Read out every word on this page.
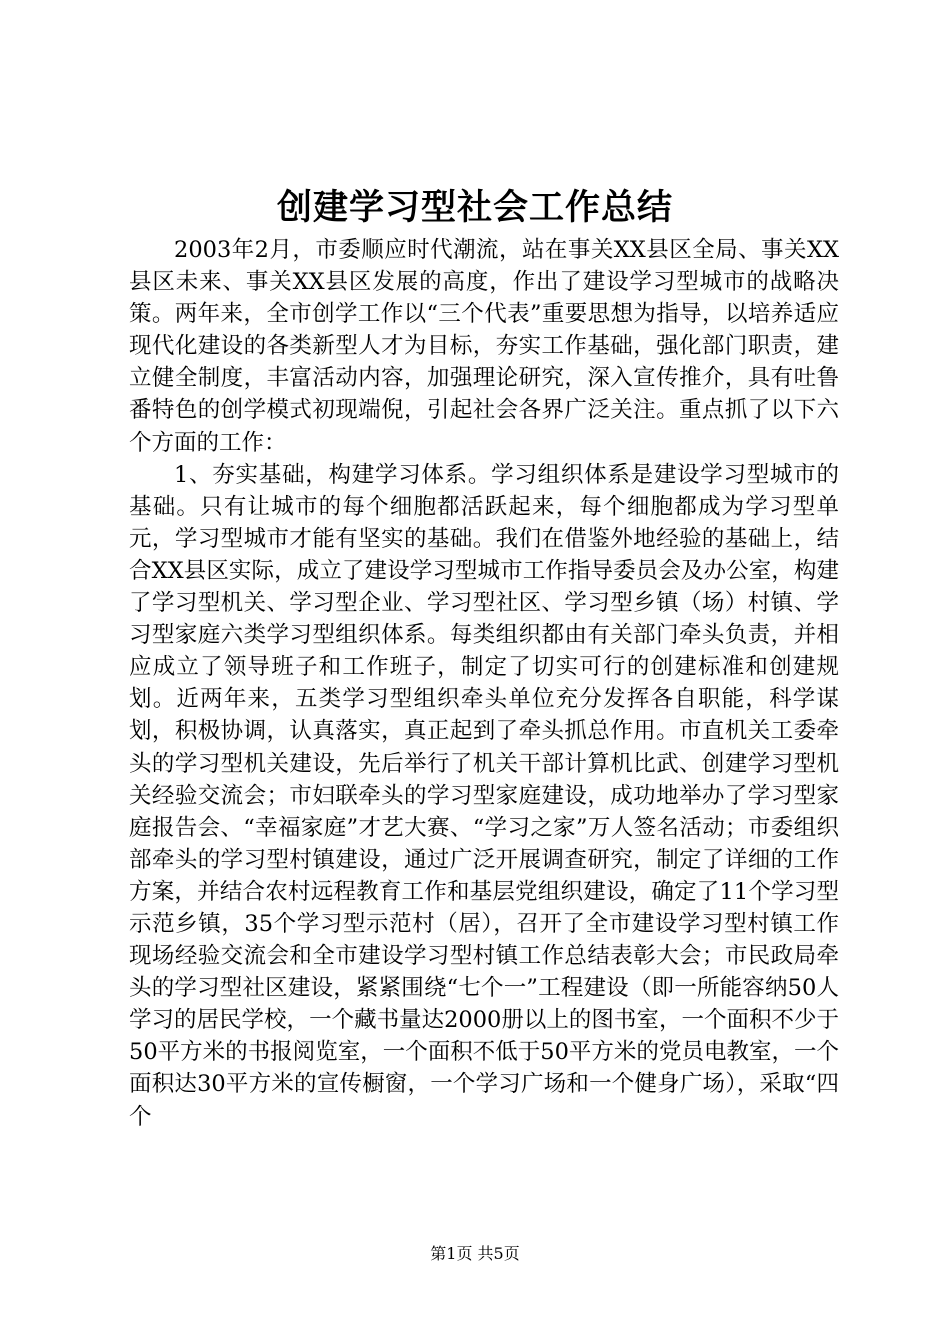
创建学习型社会工作总结

2003年2月，市委顺应时代潮流，站在事关XX县区全局、事关XX县区未来、事关XX县区发展的高度，作出了建设学习型城市的战略决策。两年来，全市创学工作以“三个代表”重要思想为指导，以培养适应现代化建设的各类新型人才为目标，夯实工作基础，强化部门职责，建立健全制度，丰富活动内容，加强理论研究，深入宣传推介，具有吐鲁番特色的创学模式初现端倪，引起社会各界广泛关注。重点抓了以下六个方面的工作：

1、夯实基础，构建学习体系。学习组织体系是建设学习型城市的基础。只有让城市的每个细胞都活跃起来，每个细胞都成为学习型单元，学习型城市才能有坚实的基础。我们在借鉴外地经验的基础上，结合XX县区实际，成立了建设学习型城市工作指导委员会及办公室，构建了学习型机关、学习型企业、学习型社区、学习型乡镇（场）村镇、学习型家庭六类学习型组织体系。每类组织都由有关部门牵头负责，并相应成立了领导班子和工作班子，制定了切实可行的创建标准和创建规划。近两年来，五类学习型组织牵头单位充分发挥各自职能，科学谋划，积极协调，认真落实，真正起到了牵头抓总作用。市直机关工委牵头的学习型机关建设，先后举行了机关干部计算机比武、创建学习型机关经验交流会；市妇联牵头的学习型家庭建设，成功地举办了学习型家庭报告会、“幸福家庭”才艺大赛、“学习之家”万人签名活动；市委组织部牵头的学习型村镇建设，通过广泛开展调查研究，制定了详细的工作方案，并结合农村远程教育工作和基层党组织建设，确定了11个学习型示范乡镇，35个学习型示范村（居），召开了全市建设学习型村镇工作现场经验交流会和全市建设学习型村镇工作总结表彰大会；市民政局牵头的学习型社区建设，紧紧围绕“七个一”工程建设（即一所能容纳50人学习的居民学校，一个藏书量达2000册以上的图书室，一个面积不少于50平方米的书报阅览室，一个面积不低于50平方米的党员电教室，一个面积达30平方米的宣传橱窗，一个学习广场和一个健身广场），采取“四个

第1页 共5页
